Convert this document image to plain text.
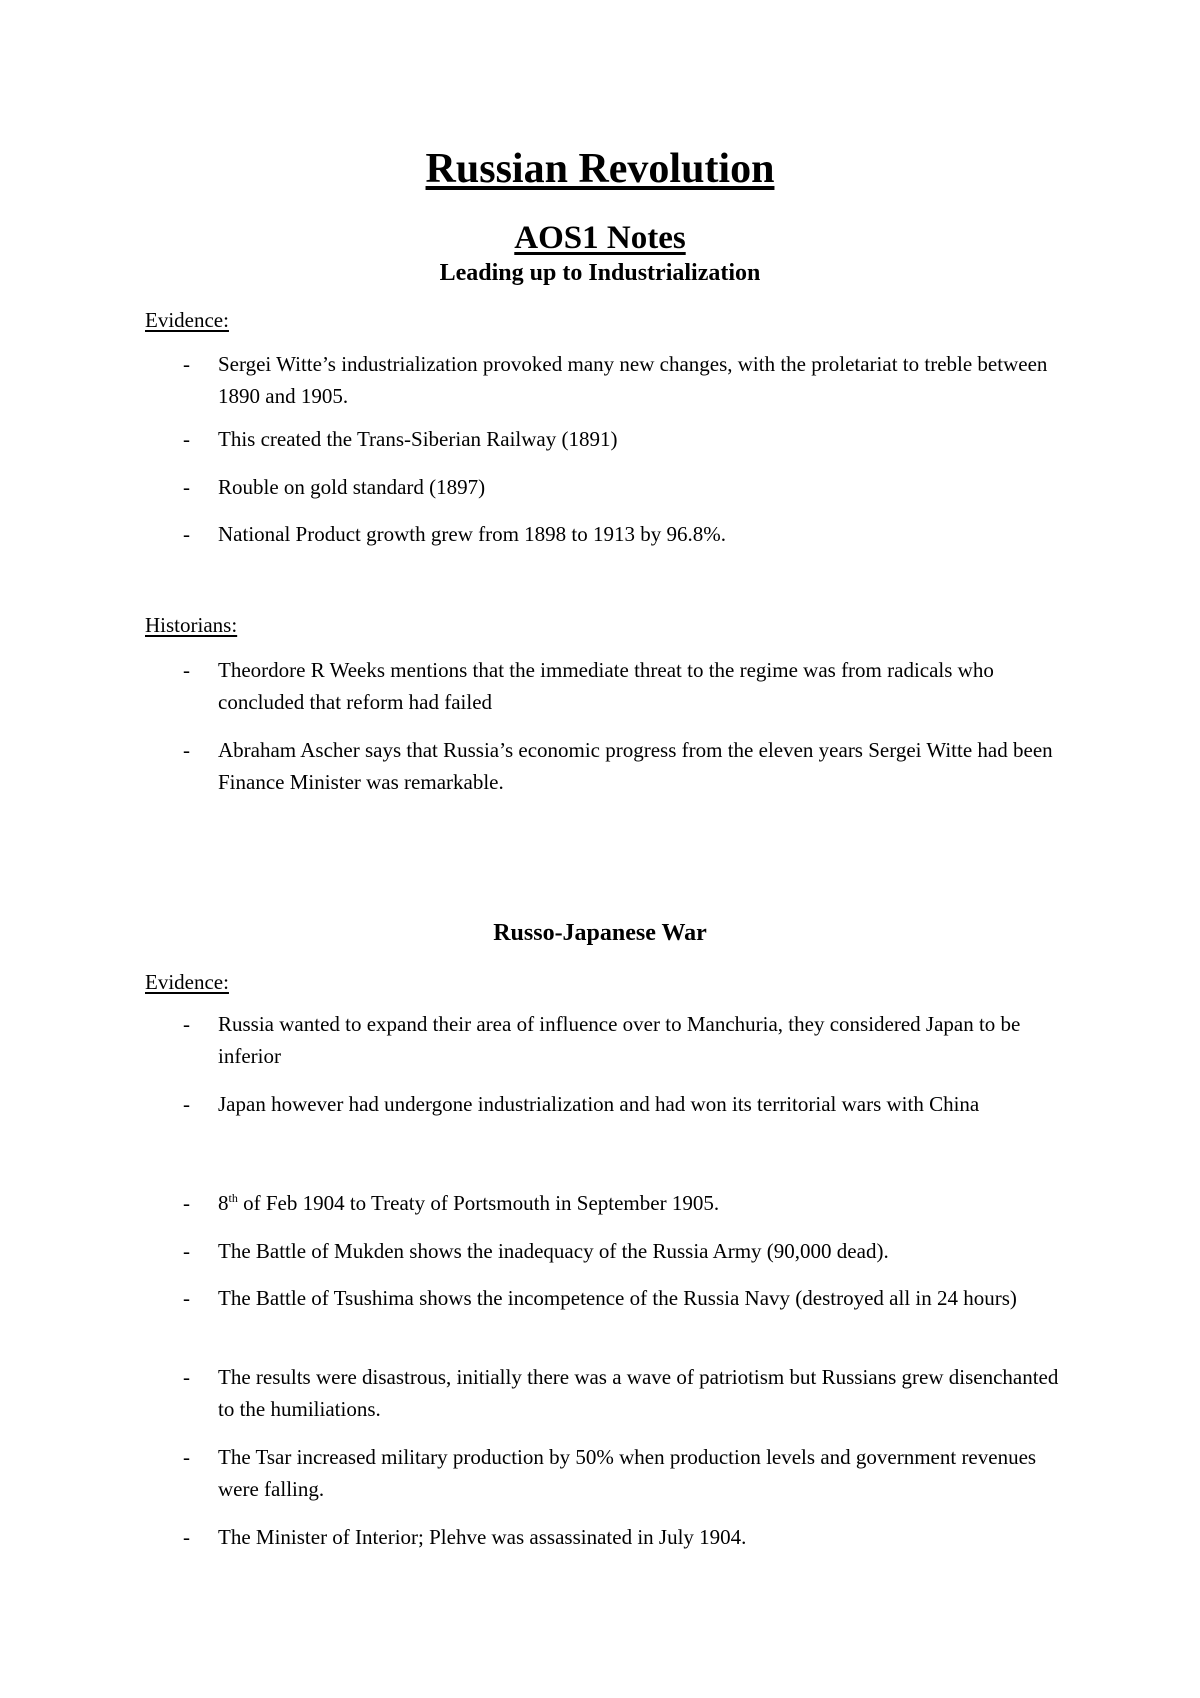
Russian Revolution
AOS1 Notes
Leading up to Industrialization

Evidence:

- Sergei Witte’s industrialization provoked many new changes, with the proletariat to treble between 1890 and 1905.
- This created the Trans-Siberian Railway (1891)
- Rouble on gold standard (1897)
- National Product growth grew from 1898 to 1913 by 96.8%.

Historians:

- Theordore R Weeks mentions that the immediate threat to the regime was from radicals who concluded that reform had failed
- Abraham Ascher says that Russia’s economic progress from the eleven years Sergei Witte had been Finance Minister was remarkable.
Russo-Japanese War

Evidence:

- Russia wanted to expand their area of influence over to Manchuria, they considered Japan to be inferior
- Japan however had undergone industrialization and had won its territorial wars with China
- 8th of Feb 1904 to Treaty of Portsmouth in September 1905.
- The Battle of Mukden shows the inadequacy of the Russia Army (90,000 dead).
- The Battle of Tsushima shows the incompetence of the Russia Navy (destroyed all in 24 hours)
- The results were disastrous, initially there was a wave of patriotism but Russians grew disenchanted to the humiliations.
- The Tsar increased military production by 50% when production levels and government revenues were falling.
- The Minister of Interior; Plehve was assassinated in July 1904.
